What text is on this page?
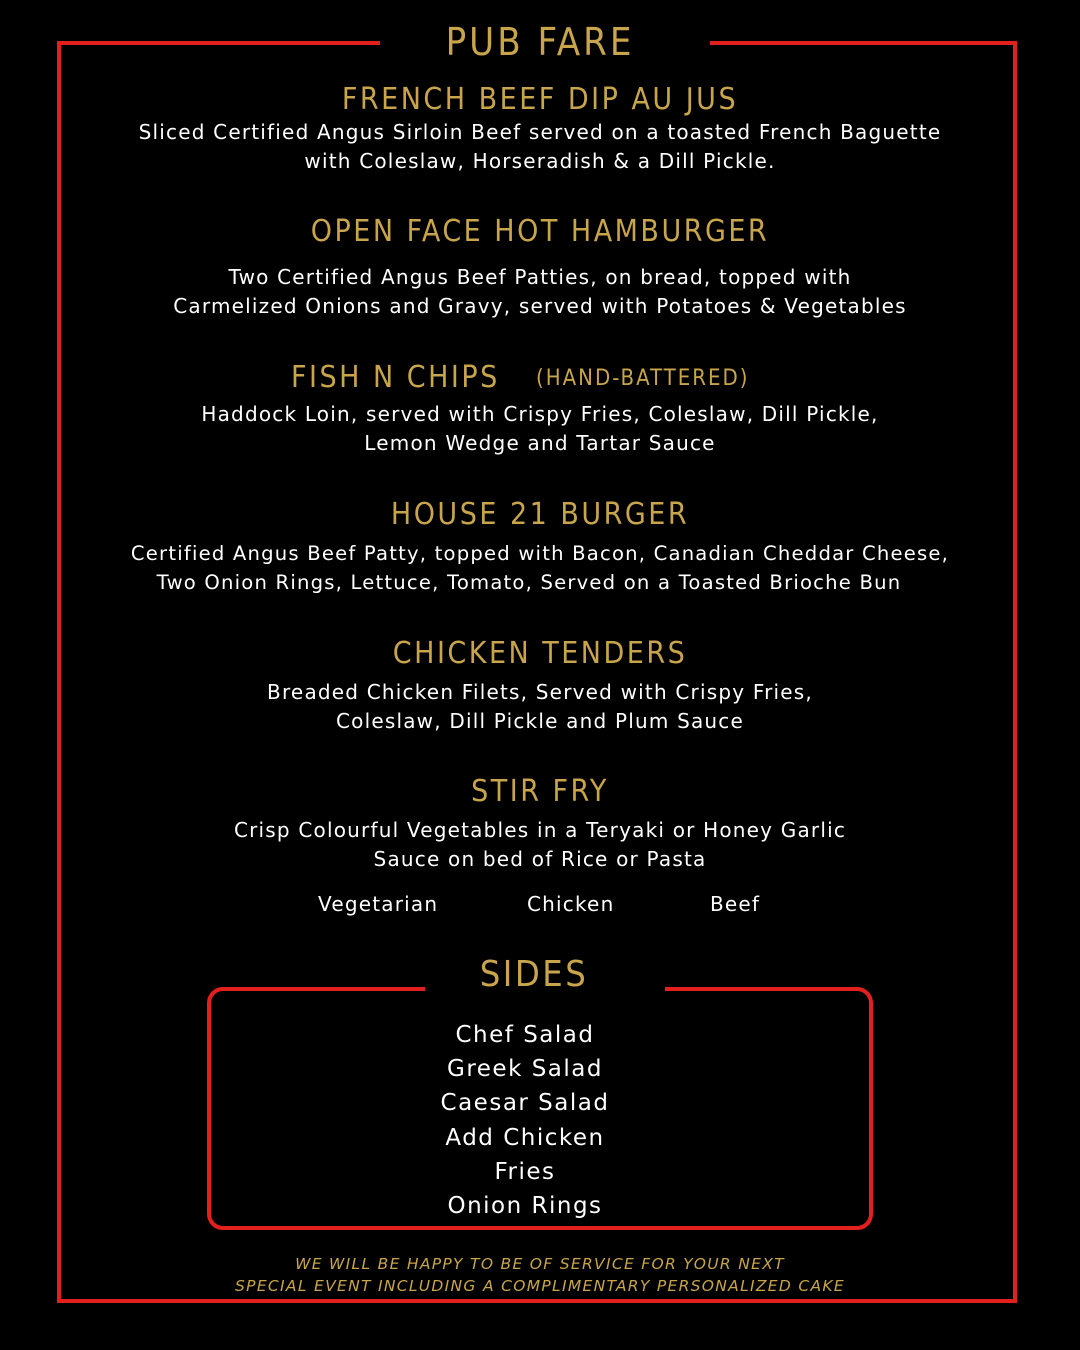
PUB FARE
FRENCH BEEF DIP AU JUS
Sliced Certified Angus Sirloin Beef served on a toasted French Baguette
with Coleslaw, Horseradish & a Dill Pickle.
OPEN FACE HOT HAMBURGER
Two Certified Angus Beef Patties, on bread, topped with
Carmelized Onions and Gravy, served with Potatoes & Vegetables
FISH N CHIPS (HAND-BATTERED)
Haddock Loin, served with Crispy Fries, Coleslaw, Dill Pickle,
Lemon Wedge and Tartar Sauce
HOUSE 21 BURGER
Certified Angus Beef Patty, topped with Bacon, Canadian Cheddar Cheese,
Two Onion Rings, Lettuce, Tomato, Served on a Toasted Brioche Bun
CHICKEN TENDERS
Breaded Chicken Filets, Served with Crispy Fries,
Coleslaw, Dill Pickle and Plum Sauce
STIR FRY
Crisp Colourful Vegetables in a Teryaki or Honey Garlic
Sauce on bed of Rice or Pasta
Vegetarian	Chicken	Beef
SIDES
Chef Salad
Greek Salad
Caesar Salad
Add Chicken
Fries
Onion Rings
WE WILL BE HAPPY TO BE OF SERVICE FOR YOUR NEXT
SPECIAL EVENT INCLUDING A COMPLIMENTARY PERSONALIZED CAKE
